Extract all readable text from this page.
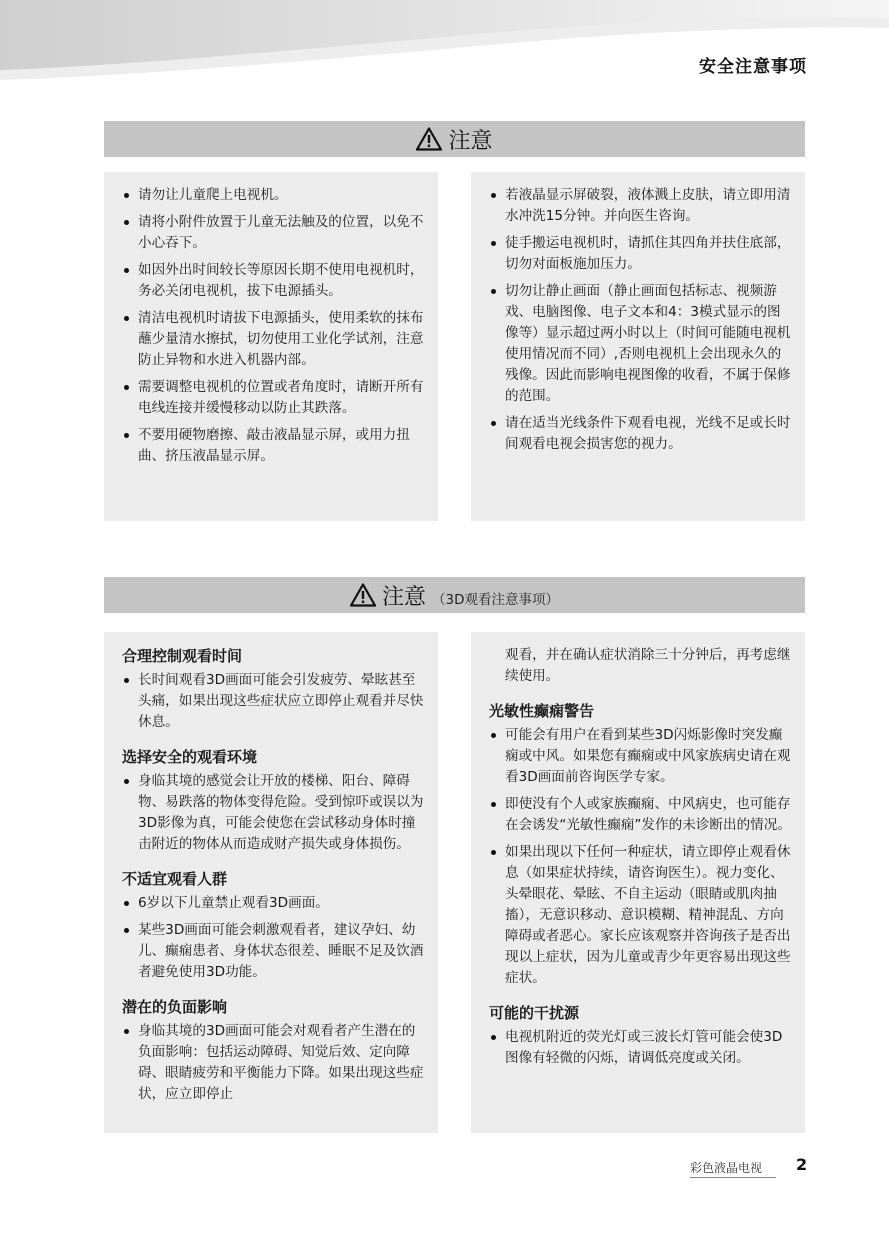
安全注意事项
注意
请勿让儿童爬上电视机。
请将小附件放置于儿童无法触及的位置，以免不小心吞下。
如因外出时间较长等原因长期不使用电视机时，务必关闭电视机，拔下电源插头。
清洁电视机时请拔下电源插头，使用柔软的抹布蘸少量清水擦拭，切勿使用工业化学试剂，注意防止异物和水进入机器内部。
需要调整电视机的位置或者角度时，请断开所有电线连接并缓慢移动以防止其跌落。
不要用硬物磨擦、敲击液晶显示屏，或用力扭曲、挤压液晶显示屏。
若液晶显示屏破裂，液体溅上皮肤，请立即用清水冲洗15分钟。并向医生咨询。
徒手搬运电视机时，请抓住其四角并扶住底部，切勿对面板施加压力。
切勿让静止画面（静止画面包括标志、视频游戏、电脑图像、电子文本和4：3模式显示的图像等）显示超过两小时以上（时间可能随电视机使用情况而不同）,否则电视机上会出现永久的残像。因此而影响电视图像的收看，不属于保修的范围。
请在适当光线条件下观看电视，光线不足或长时间观看电视会损害您的视力。
注意 （3D观看注意事项）
合理控制观看时间
长时间观看3D画面可能会引发疲劳、晕眩甚至头痛，如果出现这些症状应立即停止观看并尽快休息。
选择安全的观看环境
身临其境的感觉会让开放的楼梯、阳台、障碍物、易跌落的物体变得危险。受到惊吓或误以为3D影像为真，可能会使您在尝试移动身体时撞击附近的物体从而造成财产损失或身体损伤。
不适宜观看人群
6岁以下儿童禁止观看3D画面。
某些3D画面可能会刺激观看者，建议孕妇、幼儿、癫痫患者、身体状态很差、睡眠不足及饮酒者避免使用3D功能。
潜在的负面影响
身临其境的3D画面可能会对观看者产生潜在的负面影响：包括运动障碍、知觉后效、定向障碍、眼睛疲劳和平衡能力下降。如果出现这些症状，应立即停止
观看，并在确认症状消除三十分钟后，再考虑继续使用。
光敏性癫痫警告
可能会有用户在看到某些3D闪烁影像时突发癫痫或中风。如果您有癫痫或中风家族病史请在观看3D画面前咨询医学专家。
即使没有个人或家族癫痫、中风病史，也可能存在会诱发“光敏性癫痫”发作的未诊断出的情况。
如果出现以下任何一种症状，请立即停止观看休息（如果症状持续，请咨询医生）。视力变化、头晕眼花、晕眩、不自主运动（眼睛或肌肉抽搐），无意识移动、意识模糊、精神混乱、方向障碍或者恶心。家长应该观察并咨询孩子是否出现以上症状，因为儿童或青少年更容易出现这些症状。
可能的干扰源
电视机附近的荧光灯或三波长灯管可能会使3D图像有轻微的闪烁，请调低亮度或关闭。
彩色液晶电视 2
